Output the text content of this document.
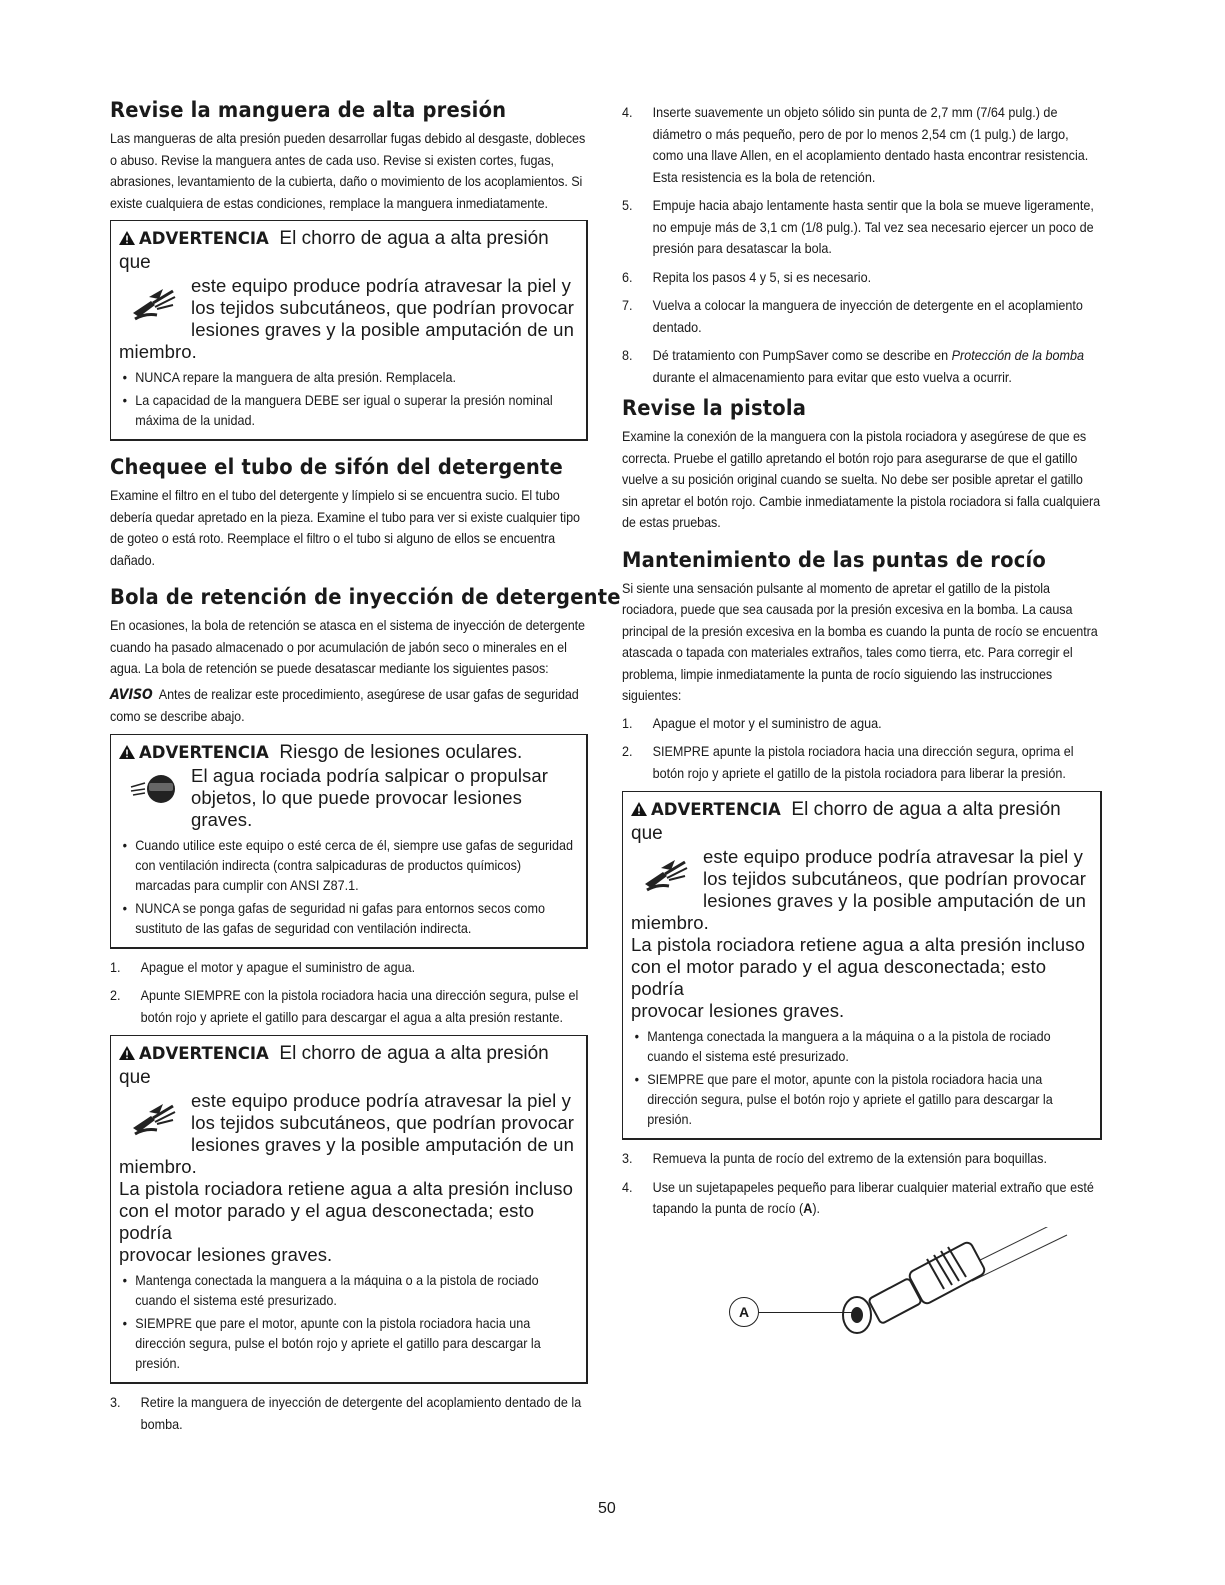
Revise la manguera de alta presión

Las mangueras de alta presión pueden desarrollar fugas debido al desgaste, dobleces o abuso. Revise la manguera antes de cada uso. Revise si existen cortes, fugas, abrasiones, levantamiento de la cubierta, daño o movimiento de los acoplamientos. Si existe cualquiera de estas condiciones, remplace la manguera inmediatamente.

ADVERTENCIA El chorro de agua a alta presión que
este equipo produce podría atravesar la piel y
los tejidos subcutáneos, que podrían provocar
lesiones graves y la posible amputación de un
miembro.
• NUNCA repare la manguera de alta presión. Remplacela.
• La capacidad de la manguera DEBE ser igual o superar la presión nominal máxima de la unidad.
Chequee el tubo de sifón del detergente

Examine el filtro en el tubo del detergente y límpielo si se encuentra sucio. El tubo debería quedar apretado en la pieza. Examine el tubo para ver si existe cualquier tipo de goteo o está roto. Reemplace el filtro o el tubo si alguno de ellos se encuentra dañado.

Bola de retención de inyección de detergente

En ocasiones, la bola de retención se atasca en el sistema de inyección de detergente cuando ha pasado almacenado o por acumulación de jabón seco o minerales en el agua. La bola de retención se puede desatascar mediante los siguientes pasos:

AVISO Antes de realizar este procedimiento, asegúrese de usar gafas de seguridad como se describe abajo.

ADVERTENCIA Riesgo de lesiones oculares.
El agua rociada podría salpicar o propulsar
objetos, lo que puede provocar lesiones graves.
• Cuando utilice este equipo o esté cerca de él, siempre use gafas de seguridad con ventilación indirecta (contra salpicaduras de productos químicos) marcadas para cumplir con ANSI Z87.1.
• NUNCA se ponga gafas de seguridad ni gafas para entornos secos como sustituto de las gafas de seguridad con ventilación indirecta.
1. Apague el motor y apague el suministro de agua.
2. Apunte SIEMPRE con la pistola rociadora hacia una dirección segura, pulse el botón rojo y apriete el gatillo para descargar el agua a alta presión restante.
ADVERTENCIA El chorro de agua a alta presión que
este equipo produce podría atravesar la piel y
los tejidos subcutáneos, que podrían provocar
lesiones graves y la posible amputación de un
miembro.
La pistola rociadora retiene agua a alta presión incluso
con el motor parado y el agua desconectada; esto podría
provocar lesiones graves.
• Mantenga conectada la manguera a la máquina o a la pistola de rociado cuando el sistema esté presurizado.
• SIEMPRE que pare el motor, apunte con la pistola rociadora hacia una dirección segura, pulse el botón rojo y apriete el gatillo para descargar la presión.
3. Retire la manguera de inyección de detergente del acoplamiento dentado de la bomba.
4. Inserte suavemente un objeto sólido sin punta de 2,7 mm (7/64 pulg.) de diámetro o más pequeño, pero de por lo menos 2,54 cm (1 pulg.) de largo, como una llave Allen, en el acoplamiento dentado hasta encontrar resistencia. Esta resistencia es la bola de retención.
5. Empuje hacia abajo lentamente hasta sentir que la bola se mueve ligeramente, no empuje más de 3,1 cm (1/8 pulg.). Tal vez sea necesario ejercer un poco de presión para desatascar la bola.
6. Repita los pasos 4 y 5, si es necesario.
7. Vuelva a colocar la manguera de inyección de detergente en el acoplamiento dentado.
8. Dé tratamiento con PumpSaver como se describe en Protección de la bomba durante el almacenamiento para evitar que esto vuelva a ocurrir.
Revise la pistola

Examine la conexión de la manguera con la pistola rociadora y asegúrese de que es correcta. Pruebe el gatillo apretando el botón rojo para asegurarse de que el gatillo vuelve a su posición original cuando se suelta. No debe ser posible apretar el gatillo sin apretar el botón rojo. Cambie inmediatamente la pistola rociadora si falla cualquiera de estas pruebas.

Mantenimiento de las puntas de rocío

Si siente una sensación pulsante al momento de apretar el gatillo de la pistola rociadora, puede que sea causada por la presión excesiva en la bomba. La causa principal de la presión excesiva en la bomba es cuando la punta de rocío se encuentra atascada o tapada con materiales extraños, tales como tierra, etc. Para corregir el problema, limpie inmediatamente la punta de rocío siguiendo las instrucciones siguientes:

1. Apague el motor y el suministro de agua.
2. SIEMPRE apunte la pistola rociadora hacia una dirección segura, oprima el botón rojo y apriete el gatillo de la pistola rociadora para liberar la presión.
ADVERTENCIA El chorro de agua a alta presión que
este equipo produce podría atravesar la piel y
los tejidos subcutáneos, que podrían provocar
lesiones graves y la posible amputación de un
miembro.
La pistola rociadora retiene agua a alta presión incluso
con el motor parado y el agua desconectada; esto podría
provocar lesiones graves.
• Mantenga conectada la manguera a la máquina o a la pistola de rociado cuando el sistema esté presurizado.
• SIEMPRE que pare el motor, apunte con la pistola rociadora hacia una dirección segura, pulse el botón rojo y apriete el gatillo para descargar la presión.
3. Remueva la punta de rocío del extremo de la extensión para boquillas.
4. Use un sujetapapeles pequeño para liberar cualquier material extraño que esté tapando la punta de rocío (A).
A
50
